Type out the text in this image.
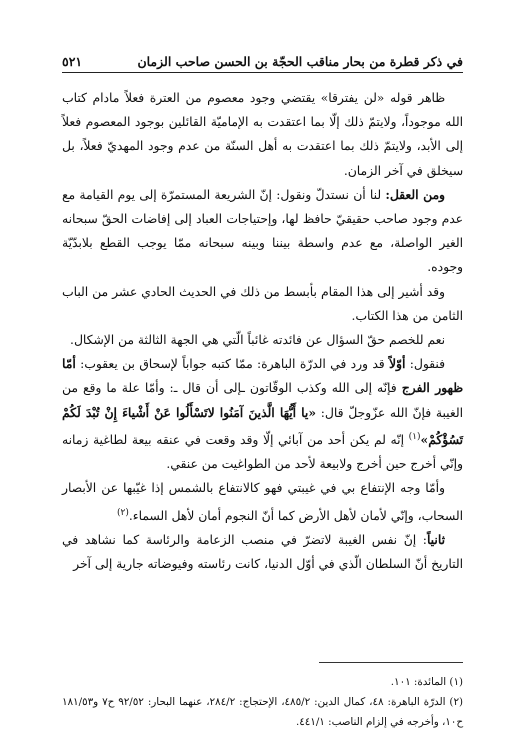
في ذكر قطرة من بحار مناقب الحجّة بن الحسن صاحب الزمان
٥٢١

ظاهر قوله «لن يفترقا» يقتضي وجود معصوم من العترة فعلاً مادام كتاب الله موجوداً، ولايتمّ ذلك إلّا بما اعتقدت به الإماميّة القائلين بوجود المعصوم فعلاً إلى الأبد، ولايتمّ ذلك بما اعتقدت به أهل السنّة من عدم وجود المهديّ فعلاً، بل سيخلق في آخر الزمان.

ومن العقل: لنا أن نستدلّ ونقول: إنّ الشريعة المستمرّة إلى يوم القيامة مع عدم وجود صاحب حقيقيّ حافظ لها، وإحتياجات العباد إلى إفاضات الحقّ سبحانه الغير الواصلة، مع عدم واسطة بيننا وبينه سبحانه ممّا يوجب القطع بلابدّيّة وجوده.

وقد أشير إلى هذا المقام بأبسط من ذلك في الحديث الحادي عشر من الباب الثامن من هذا الكتاب.

نعم للخصم حقّ السؤال عن فائدته غائباً الّتي هي الجهة الثالثة من الإشكال.

فنقول: أوّلاً قد ورد في الدرّة الباهرة: ممّا كتبه جواباً لإسحاق بن يعقوب: أمّا ظهور الفرج فإنّه إلى الله وكذب الوقّاتون ـإلى أن قال ـ: وأمّا علة ما وقع من الغيبة فإنّ الله عزّوجلّ قال: «يا أَيُّهَا الَّذينَ آمَنُوا لاتَسْأَلُوا عَنْ أَشْياءَ إِنْ تُبْدَ لَكُمْ تَسُؤْكُمْ»$^{(١)}$ إنّه لم يكن أحد من آبائي إلّا وقد وقعت في عنقه بيعة لطاغية زمانه وإنّي أخرج حين أخرج ولابيعة لأحد من الطواغيت من عنقي.

وأمّا وجه الإنتفاع بي في غيبتي فهو كالانتفاع بالشمس إذا غيّبها عن الأبصار السحاب، وإنّي لأمان لأهل الأرض كما أنّ النجوم أمان لأهل السماء.$^{(٢)}$

ثانياً: إنّ نفس الغيبة لاتضرّ في منصب الزعامة والرئاسة كما نشاهد في التاريخ أنّ السلطان الّذي في أوّل الدنيا، كانت رئاسته وفيوضاته جارية إلى آخر

(١) المائدة: ١٠١.

(٢) الدرّة الباهرة: ٤٨، كمال الدين: ٤٨٥/٢، الإحتجاج: ٢٨٤/٢، عنهما البحار: ٩٢/٥٢ ح٧ و١٨١/٥٣ ح١٠، وأخرجه في إلزام الناصب: ٤٤١/١.
